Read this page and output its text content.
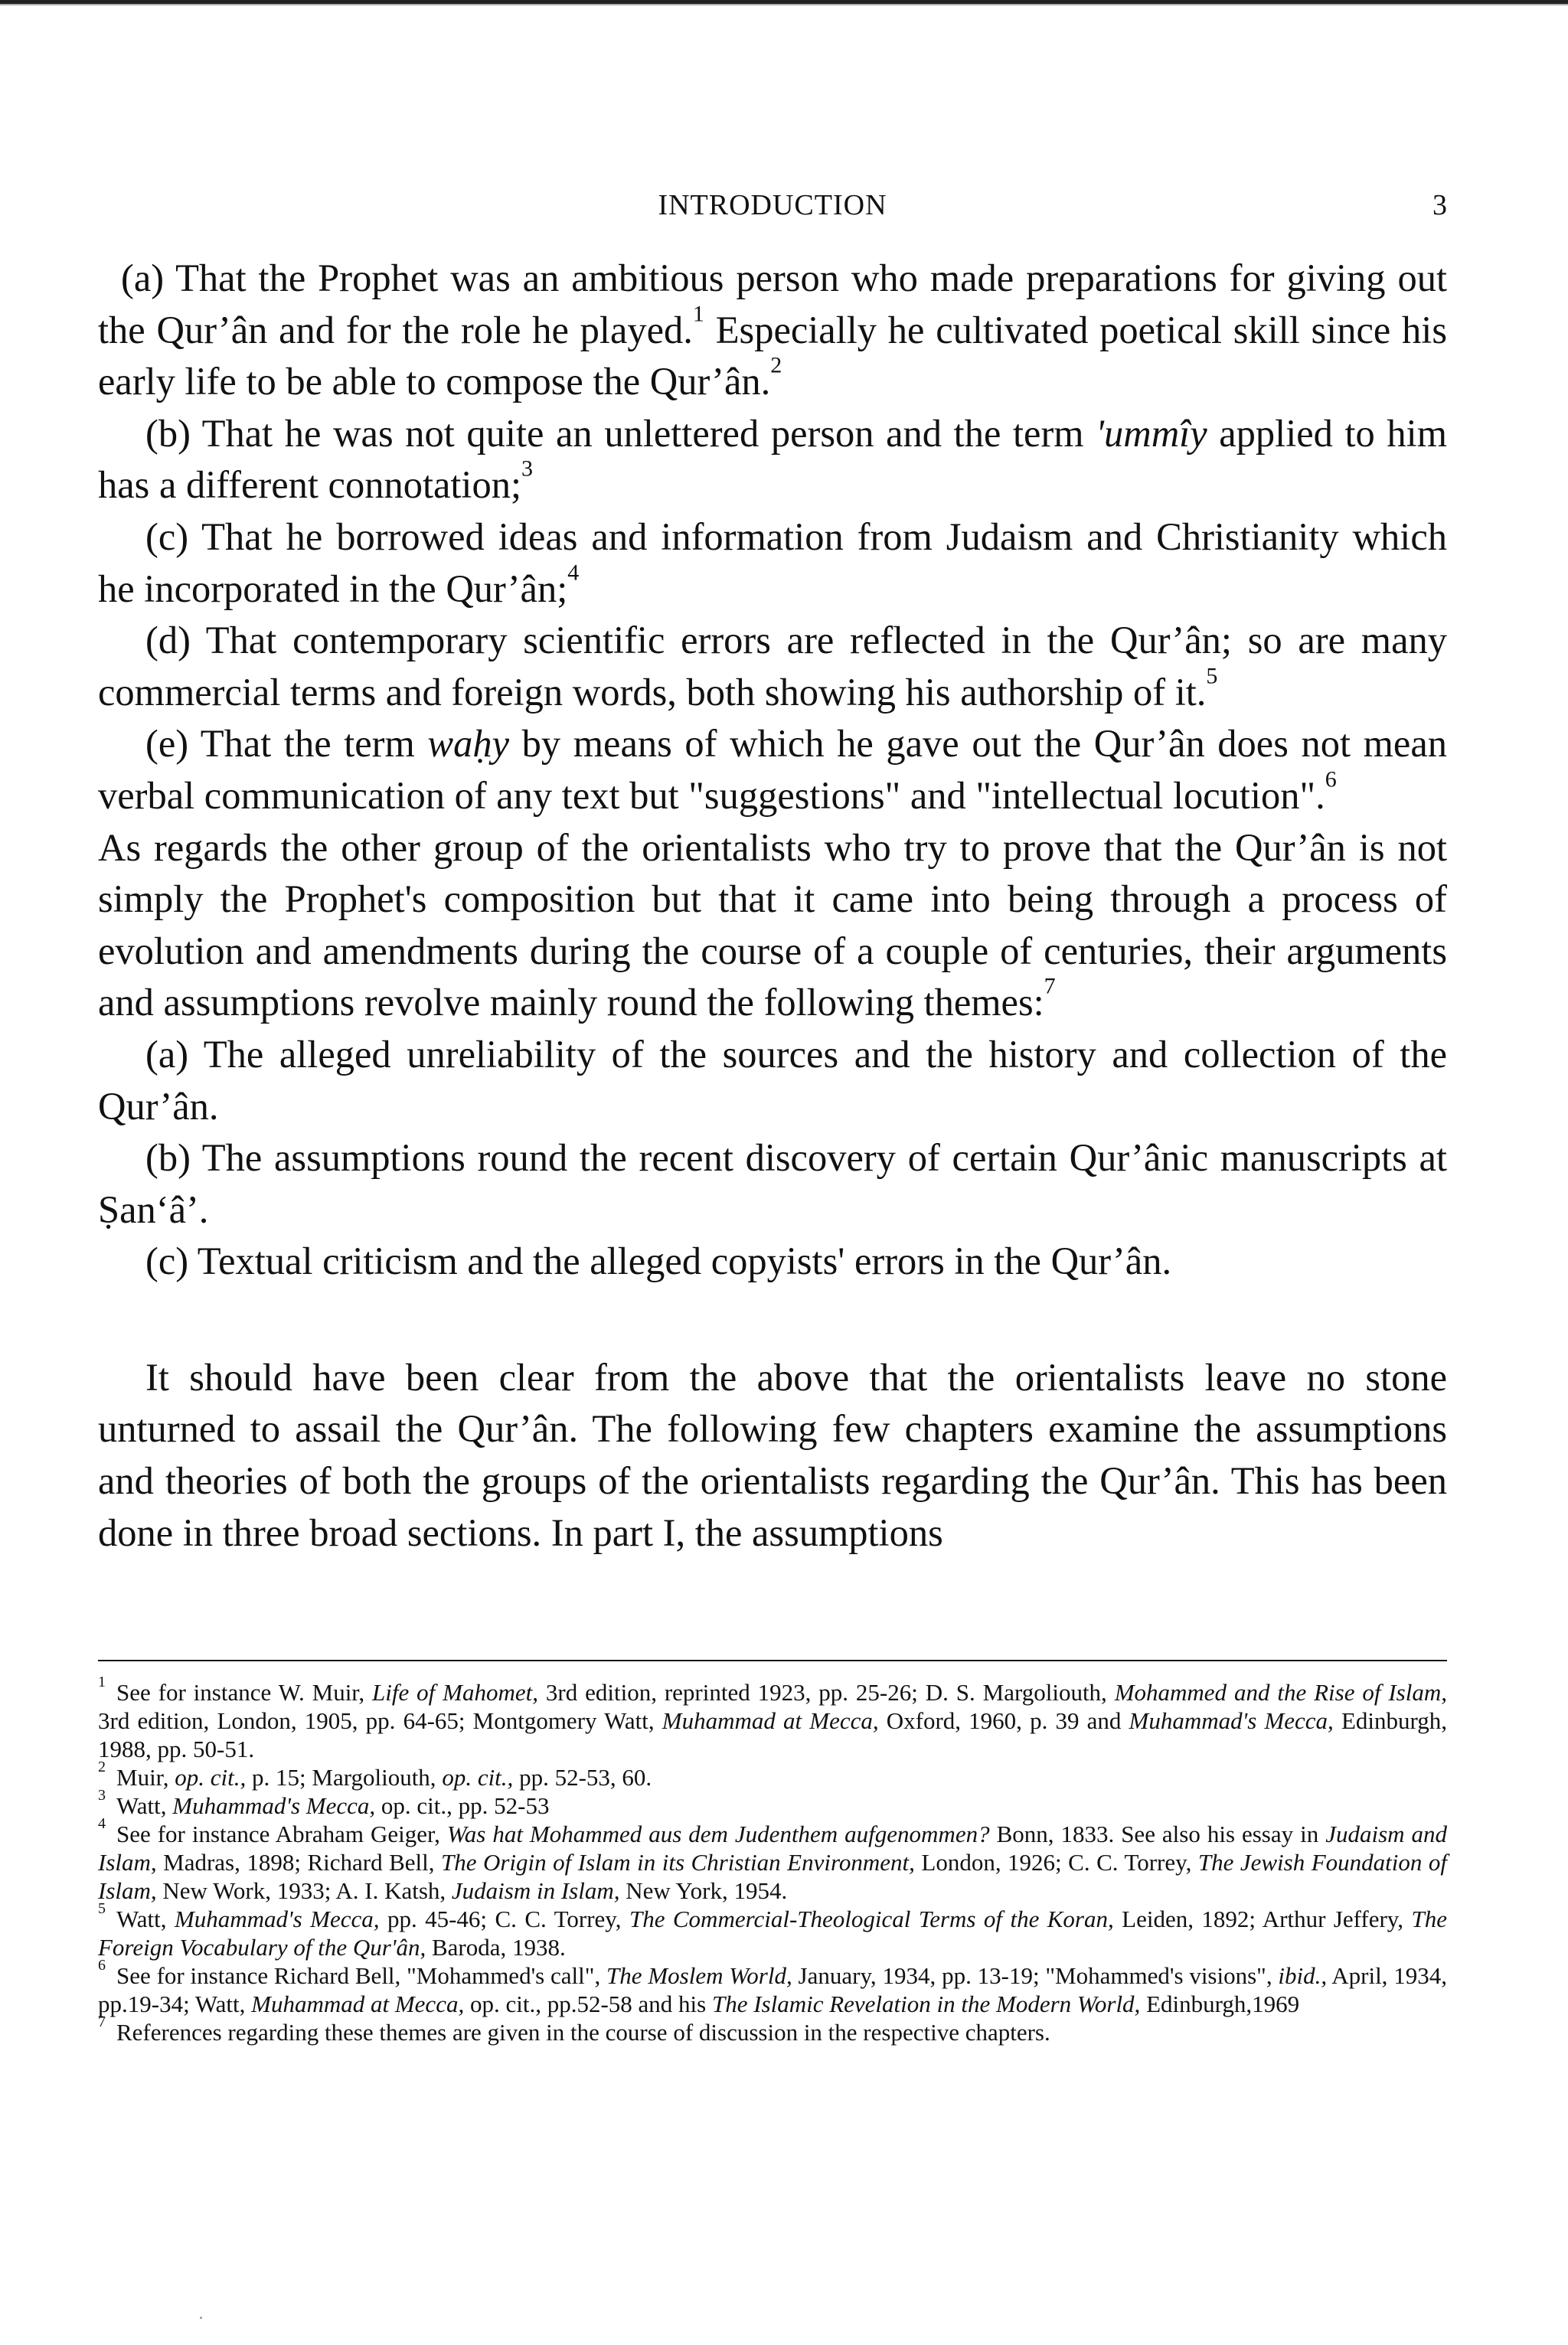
INTRODUCTION	3

(a) That the Prophet was an ambitious person who made preparations for giving out the Qur’ân and for the role he played.$^1$ Especially he cultivated poetical skill since his early life to be able to compose the Qur’ân.$^2$

(b) That he was not quite an unlettered person and the term 'ummîy applied to him has a different connotation;$^3$

(c) That he borrowed ideas and information from Judaism and Christianity which he incorporated in the Qur’ân;$^4$

(d) That contemporary scientific errors are reflected in the Qur’ân; so are many commercial terms and foreign words, both showing his authorship of it.$^5$

(e) That the term waḥy by means of which he gave out the Qur’ân does not mean verbal communication of any text but "suggestions" and "intellectual locution".$^6$

As regards the other group of the orientalists who try to prove that the Qur’ân is not simply the Prophet's composition but that it came into being through a process of evolution and amendments during the course of a couple of centuries, their arguments and assumptions revolve mainly round the following themes:$^7$

(a) The alleged unreliability of the sources and the history and collection of the Qur’ân.

(b) The assumptions round the recent discovery of certain Qur’ânic manuscripts at Ṣan‘â’.

(c) Textual criticism and the alleged copyists' errors in the Qur’ân.

It should have been clear from the above that the orientalists leave no stone unturned to assail the Qur’ân. The following few chapters examine the assumptions and theories of both the groups of the orientalists regarding the Qur’ân. This has been done in three broad sections. In part I, the assumptions

$^1$ See for instance W. Muir, Life of Mahomet, 3rd edition, reprinted 1923, pp. 25-26; D. S. Margoliouth, Mohammed and the Rise of Islam, 3rd edition, London, 1905, pp. 64-65; Montgomery Watt, Muhammad at Mecca, Oxford, 1960, p. 39 and Muhammad's Mecca, Edinburgh, 1988, pp. 50-51.

$^2$ Muir, op. cit., p. 15; Margoliouth, op. cit., pp. 52-53, 60.

$^3$ Watt, Muhammad's Mecca, op. cit., pp. 52-53

$^4$ See for instance Abraham Geiger, Was hat Mohammed aus dem Judenthem aufgenommen? Bonn, 1833. See also his essay in Judaism and Islam, Madras, 1898; Richard Bell, The Origin of Islam in its Christian Environment, London, 1926; C. C. Torrey, The Jewish Foundation of Islam, New Work, 1933; A. I. Katsh, Judaism in Islam, New York, 1954.

$^5$ Watt, Muhammad's Mecca, pp. 45-46; C. C. Torrey, The Commercial-Theological Terms of the Koran, Leiden, 1892; Arthur Jeffery, The Foreign Vocabulary of the Qur'ân, Baroda, 1938.

$^6$ See for instance Richard Bell, "Mohammed's call", The Moslem World, January, 1934, pp. 13-19; "Mohammed's visions", ibid., April, 1934, pp.19-34; Watt, Muhammad at Mecca, op. cit., pp.52-58 and his The Islamic Revelation in the Modern World, Edinburgh,1969

$^7$ References regarding these themes are given in the course of discussion in the respective chapters.
